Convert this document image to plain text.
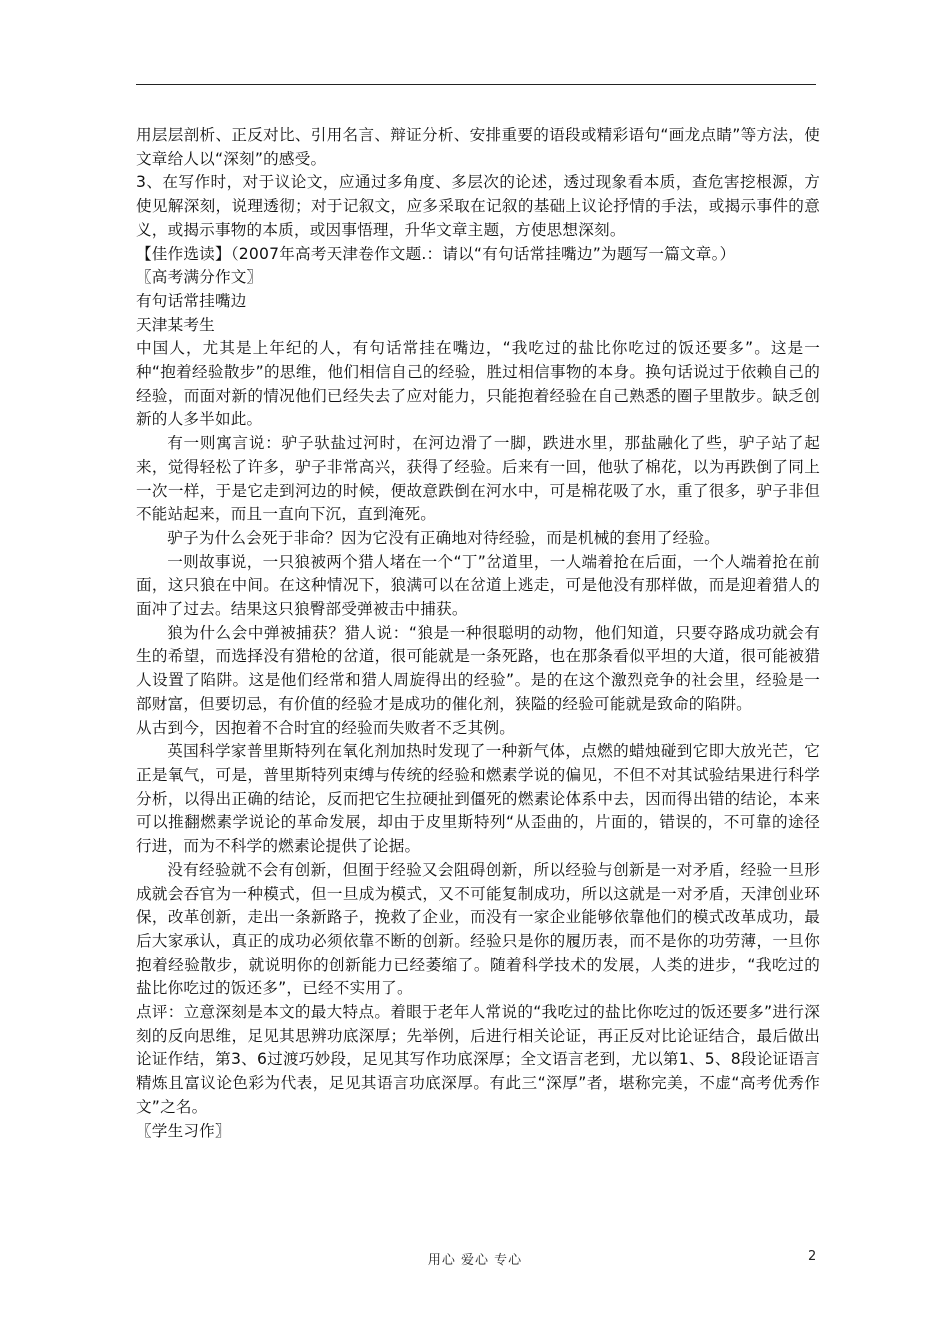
用层层剖析、正反对比、引用名言、辩证分析、安排重要的语段或精彩语句“画龙点睛”等方法，使文章给人以“深刻”的感受。

3、在写作时，对于议论文，应通过多角度、多层次的论述，透过现象看本质，查危害挖根源，方使见解深刻，说理透彻；对于记叙文，应多采取在记叙的基础上议论抒情的手法，或揭示事件的意义，或揭示事物的本质，或因事悟理，升华文章主题，方使思想深刻。

【佳作选读】（2007年高考天津卷作文题.：请以“有句话常挂嘴边”为题写一篇文章。）

〖高考满分作文〗

有句话常挂嘴边

天津某考生

中国人，尤其是上年纪的人，有句话常挂在嘴边，“我吃过的盐比你吃过的饭还要多”。这是一种“抱着经验散步”的思维，他们相信自己的经验，胜过相信事物的本身。换句话说过于依赖自己的经验，而面对新的情况他们已经失去了应对能力，只能抱着经验在自己熟悉的圈子里散步。缺乏创新的人多半如此。

有一则寓言说：驴子驮盐过河时，在河边滑了一脚，跌进水里，那盐融化了些，驴子站了起来，觉得轻松了许多，驴子非常高兴，获得了经验。后来有一回，他驮了棉花，以为再跌倒了同上一次一样，于是它走到河边的时候，便故意跌倒在河水中，可是棉花吸了水，重了很多，驴子非但不能站起来，而且一直向下沉，直到淹死。

驴子为什么会死于非命？因为它没有正确地对待经验，而是机械的套用了经验。

一则故事说，一只狼被两个猎人堵在一个“丁”岔道里，一人端着抢在后面，一个人端着抢在前面，这只狼在中间。在这种情况下，狼满可以在岔道上逃走，可是他没有那样做，而是迎着猎人的面冲了过去。结果这只狼臀部受弹被击中捕获。

狼为什么会中弹被捕获？猎人说：“狼是一种很聪明的动物，他们知道，只要夺路成功就会有生的希望，而选择没有猎枪的岔道，很可能就是一条死路，也在那条看似平坦的大道，很可能被猎人设置了陷阱。这是他们经常和猎人周旋得出的经验”。是的在这个激烈竞争的社会里，经验是一部财富，但要切忌，有价值的经验才是成功的催化剂，狭隘的经验可能就是致命的陷阱。

从古到今，因抱着不合时宜的经验而失败者不乏其例。

英国科学家普里斯特列在氧化剂加热时发现了一种新气体，点燃的蜡烛碰到它即大放光芒，它正是氧气，可是，普里斯特列束缚与传统的经验和燃素学说的偏见，不但不对其试验结果进行科学分析，以得出正确的结论，反而把它生拉硬扯到僵死的燃素论体系中去，因而得出错的结论，本来可以推翻燃素学说论的革命发展，却由于皮里斯特列“从歪曲的，片面的，错误的，不可靠的途径行进，而为不科学的燃素论提供了论据。

没有经验就不会有创新，但囿于经验又会阻碍创新，所以经验与创新是一对矛盾，经验一旦形成就会吞官为一种模式，但一旦成为模式，又不可能复制成功，所以这就是一对矛盾，天津创业环保，改革创新，走出一条新路子，挽救了企业，而没有一家企业能够依靠他们的模式改革成功，最后大家承认，真正的成功必须依靠不断的创新。经验只是你的履历表，而不是你的功劳薄，一旦你抱着经验散步，就说明你的创新能力已经萎缩了。随着科学技术的发展，人类的进步，“我吃过的盐比你吃过的饭还多”，已经不实用了。

点评：立意深刻是本文的最大特点。着眼于老年人常说的“我吃过的盐比你吃过的饭还要多”进行深刻的反向思维，足见其思辨功底深厚；先举例，后进行相关论证，再正反对比论证结合，最后做出论证作结，第3、6过渡巧妙段，足见其写作功底深厚；全文语言老到，尤以第1、5、8段论证语言精炼且富议论色彩为代表，足见其语言功底深厚。有此三“深厚”者，堪称完美，不虚“高考优秀作文”之名。

〖学生习作〗

用心 爱心 专心	2
